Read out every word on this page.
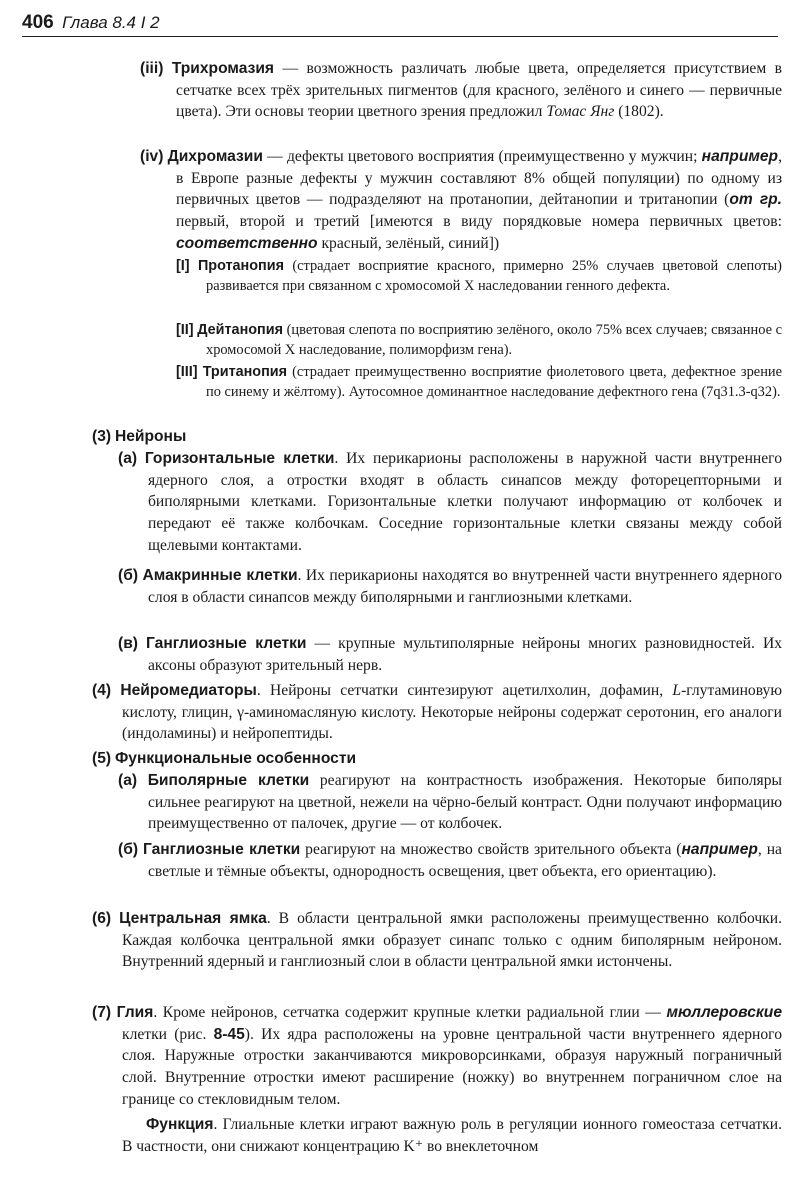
406 Глава 8.4 I 2

(iii) Трихромазия — возможность различать любые цвета, определяется присутствием в сетчатке всех трёх зрительных пигментов (для красного, зелёного и синего — первичные цвета). Эти основы теории цветного зрения предложил Томас Янг (1802).

(iv) Дихромазии — дефекты цветового восприятия (преимущественно у мужчин; например, в Европе разные дефекты у мужчин составляют 8% общей популяции) по одному из первичных цветов — подразделяют на протанопии, дейтанопии и тританопии (от гр. первый, второй и третий [имеются в виду порядковые номера первичных цветов: соответственно красный, зелёный, синий])

[I] Протанопия (страдает восприятие красного, примерно 25% случаев цветовой слепоты) развивается при связанном с хромосомой X наследовании генного дефекта.

[II] Дейтанопия (цветовая слепота по восприятию зелёного, около 75% всех случаев; связанное с хромосомой X наследование, полиморфизм гена).

[III] Тританопия (страдает преимущественно восприятие фиолетового цвета, дефектное зрение по синему и жёлтому). Аутосомное доминантное наследование дефектного гена (7q31.3-q32).

(3) Нейроны

(а) Горизонтальные клетки. Их перикарионы расположены в наружной части внутреннего ядерного слоя, а отростки входят в область синапсов между фоторецепторными и биполярными клетками. Горизонтальные клетки получают информацию от колбочек и передают её также колбочкам. Соседние горизонтальные клетки связаны между собой щелевыми контактами.

(б) Амакринные клетки. Их перикарионы находятся во внутренней части внутреннего ядерного слоя в области синапсов между биполярными и ганглиозными клетками.

(в) Ганглиозные клетки — крупные мультиполярные нейроны многих разновидностей. Их аксоны образуют зрительный нерв.

(4) Нейромедиаторы. Нейроны сетчатки синтезируют ацетилхолин, дофамин, L-глутаминовую кислоту, глицин, γ-аминомасляную кислоту. Некоторые нейроны содержат серотонин, его аналоги (индоламины) и нейропептиды.

(5) Функциональные особенности

(а) Биполярные клетки реагируют на контрастность изображения. Некоторые биполяры сильнее реагируют на цветной, нежели на чёрно-белый контраст. Одни получают информацию преимущественно от палочек, другие — от колбочек.

(б) Ганглиозные клетки реагируют на множество свойств зрительного объекта (например, на светлые и тёмные объекты, однородность освещения, цвет объекта, его ориентацию).

(6) Центральная ямка. В области центральной ямки расположены преимущественно колбочки. Каждая колбочка центральной ямки образует синапс только с одним биполярным нейроном. Внутренний ядерный и ганглиозный слои в области центральной ямки истончены.

(7) Глия. Кроме нейронов, сетчатка содержит крупные клетки радиальной глии — мюллеровские клетки (рис. 8-45). Их ядра расположены на уровне центральной части внутреннего ядерного слоя. Наружные отростки заканчиваются микроворсинками, образуя наружный пограничный слой. Внутренние отростки имеют расширение (ножку) во внутреннем пограничном слое на границе со стекловидным телом.

Функция. Глиальные клетки играют важную роль в регуляции ионного гомеостаза сетчатки. В частности, они снижают концентрацию K⁺ во внеклеточном
